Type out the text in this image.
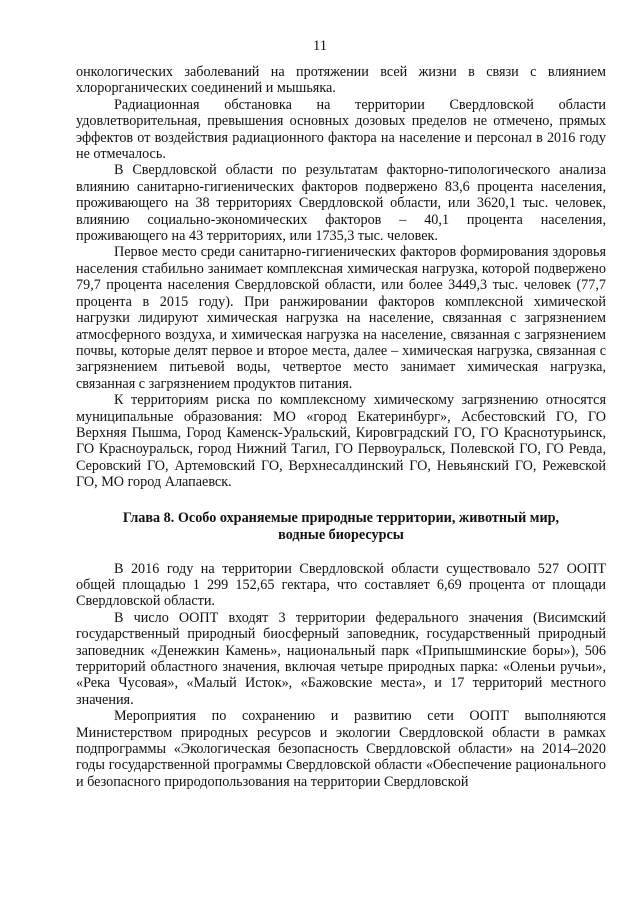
11

онкологических заболеваний на протяжении всей жизни в связи с влиянием хлорорганических соединений и мышьяка.

Радиационная обстановка на территории Свердловской области удовлетворительная, превышения основных дозовых пределов не отмечено, прямых эффектов от воздействия радиационного фактора на население и персонал в 2016 году не отмечалось.

В Свердловской области по результатам факторно-типологического анализа влиянию санитарно-гигиенических факторов подвержено 83,6 процента населения, проживающего на 38 территориях Свердловской области, или 3620,1 тыс. человек, влиянию социально-экономических факторов – 40,1 процента населения, проживающего на 43 территориях, или 1735,3 тыс. человек.

Первое место среди санитарно-гигиенических факторов формирования здоровья населения стабильно занимает комплексная химическая нагрузка, которой подвержено 79,7 процента населения Свердловской области, или более 3449,3 тыс. человек (77,7 процента в 2015 году). При ранжировании факторов комплексной химической нагрузки лидируют химическая нагрузка на население, связанная с загрязнением атмосферного воздуха, и химическая нагрузка на население, связанная с загрязнением почвы, которые делят первое и второе места, далее – химическая нагрузка, связанная с загрязнением питьевой воды, четвертое место занимает химическая нагрузка, связанная с загрязнением продуктов питания.

К территориям риска по комплексному химическому загрязнению относятся муниципальные образования: МО «город Екатеринбург», Асбестовский ГО, ГО Верхняя Пышма, Город Каменск-Уральский, Кировградский ГО, ГО Краснотурьинск, ГО Красноуральск, город Нижний Тагил, ГО Первоуральск, Полевской ГО, ГО Ревда, Серовский ГО, Артемовский ГО, Верхнесалдинский ГО, Невьянский ГО, Режевской ГО, МО город Алапаевск.

Глава 8. Особо охраняемые природные территории, животный мир,
водные биоресурсы

В 2016 году на территории Свердловской области существовало 527 ООПТ общей площадью 1 299 152,65 гектара, что составляет 6,69 процента от площади Свердловской области.

В число ООПТ входят 3 территории федерального значения (Висимский государственный природный биосферный заповедник, государственный природный заповедник «Денежкин Камень», национальный парк «Припышминские боры»), 506 территорий областного значения, включая четыре природных парка: «Оленьи ручьи», «Река Чусовая», «Малый Исток», «Бажовские места», и 17 территорий местного значения.

Мероприятия по сохранению и развитию сети ООПТ выполняются Министерством природных ресурсов и экологии Свердловской области в рамках подпрограммы «Экологическая безопасность Свердловской области» на 2014–2020 годы государственной программы Свердловской области «Обеспечение рационального и безопасного природопользования на территории Свердловской
